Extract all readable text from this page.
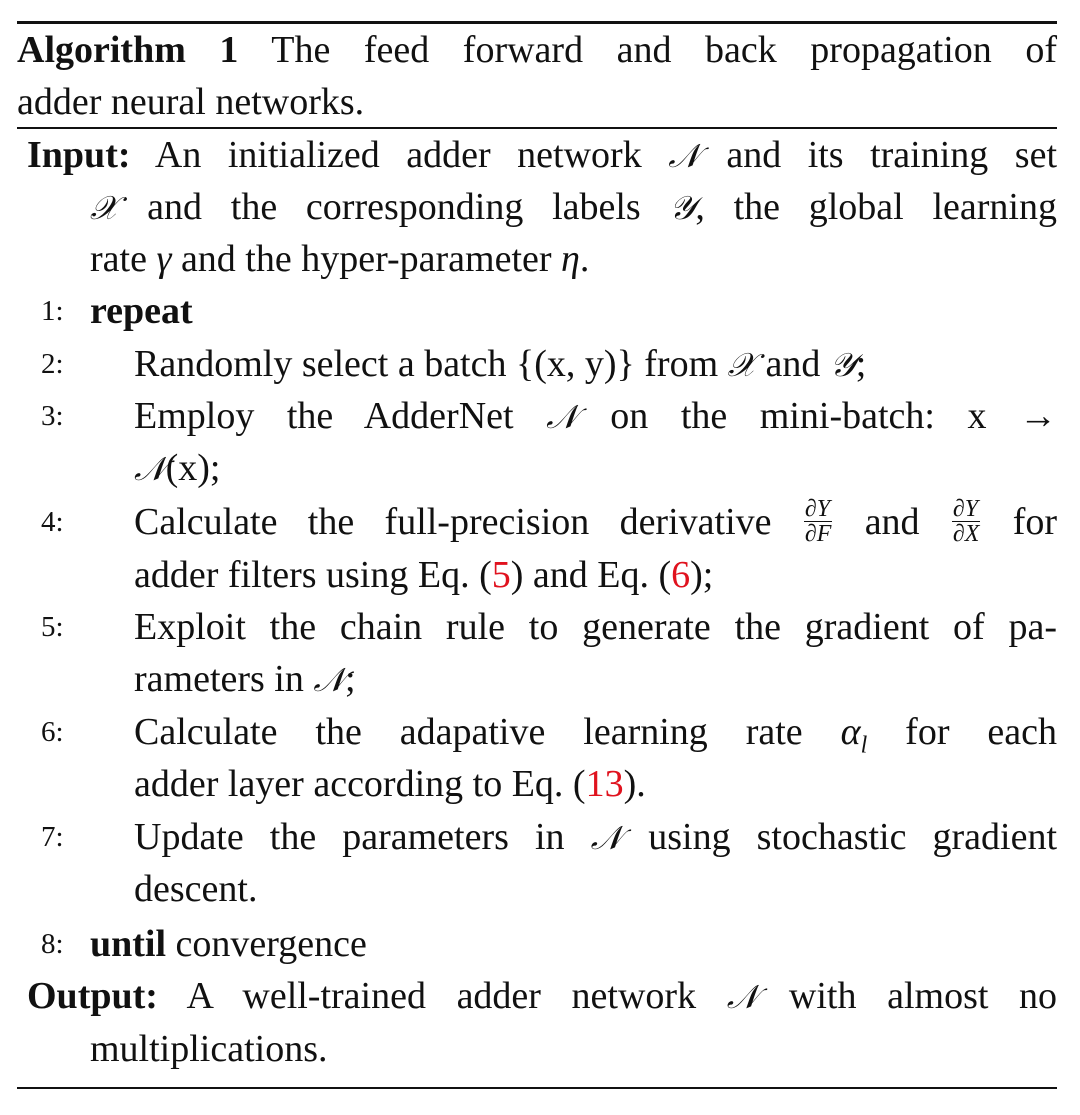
Algorithm 1 The feed forward and back propagation of
adder neural networks.
Input: An initialized adder network 𝒩 and its training set
𝒳 and the corresponding labels 𝒴, the global learning
rate γ and the hyper-parameter η.
1: repeat
2: Randomly select a batch {(x, y)} from 𝒳 and 𝒴;
3: Employ the AdderNet 𝒩 on the mini-batch: x →
𝒩(x);
4: Calculate the full-precision derivative $\frac{\partial Y}{\partial F}$ and $\frac{\partial Y}{\partial X}$ for
adder filters using Eq. (5) and Eq. (6);
5: Exploit the chain rule to generate the gradient of pa-
rameters in 𝒩;
6: Calculate the adapative learning rate $\alpha_l$ for each
adder layer according to Eq. (13).
7: Update the parameters in 𝒩 using stochastic gradient
descent.
8: until convergence
Output: A well-trained adder network 𝒩 with almost no
multiplications.
